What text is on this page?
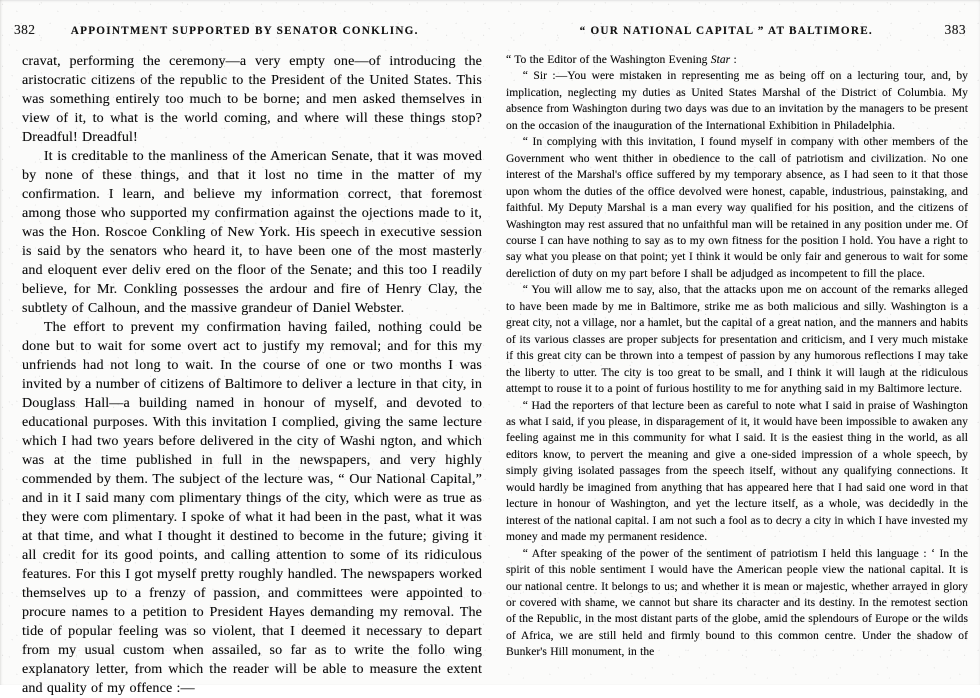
382	APPOINTMENT SUPPORTED BY SENATOR CONKLING.	“ OUR NATIONAL CAPITAL ” AT BALTIMORE.	383

cravat, performing the ceremony—a very empty one—of introducing the aristocratic citizens of the republic to the President of the United States. This was something entirely too much to be borne; and men asked themselves in view of it, to what is the world coming, and where will these things stop? Dreadful! Dreadful!

It is creditable to the manliness of the American Senate, that it was moved by none of these things, and that it lost no time in the matter of my confirmation. I learn, and believe my information correct, that foremost among those who supported my confirmation against the ojections made to it, was the Hon. Roscoe Conkling of New York. His speech in executive session is said by the senators who heard it, to have been one of the most masterly and eloquent ever deliv ered on the floor of the Senate; and this too I readily believe, for Mr. Conkling possesses the ardour and fire of Henry Clay, the subtlety of Calhoun, and the massive grandeur of Daniel Webster.

The effort to prevent my confirmation having failed, nothing could be done but to wait for some overt act to justify my removal; and for this my unfriends had not long to wait. In the course of one or two months I was invited by a number of citizens of Baltimore to deliver a lecture in that city, in Douglass Hall—a building named in honour of myself, and devoted to educational purposes. With this invitation I complied, giving the same lecture which I had two years before delivered in the city of Washi ngton, and which was at the time published in full in the newspapers, and very highly commended by them. The subject of the lecture was, “ Our National Capital,” and in it I said many com plimentary things of the city, which were as true as they were com plimentary. I spoke of what it had been in the past, what it was at that time, and what I thought it destined to become in the future; giving it all credit for its good points, and calling attention to some of its ridiculous features. For this I got myself pretty roughly handled. The newspapers worked themselves up to a frenzy of passion, and committees were appointed to procure names to a petition to President Hayes demanding my removal. The tide of popular feeling was so violent, that I deemed it necessary to depart from my usual custom when assailed, so far as to write the follo wing explanatory letter, from which the reader will be able to measure the extent and quality of my offence :—

“ To the Editor of the Washington Evening Star :

“ Sir :—You were mistaken in representing me as being off on a lecturing tour, and, by implication, neglecting my duties as United States Marshal of the District of Columbia. My absence from Washington during two days was due to an invitation by the managers to be present on the occasion of the inauguration of the International Exhibition in Philadelphia.

“ In complying with this invitation, I found myself in company with other members of the Government who went thither in obedience to the call of patriotism and civilization. No one interest of the Marshal's office suffered by my temporary absence, as I had seen to it that those upon whom the duties of the office devolved were honest, capable, industrious, painstaking, and faithful. My Deputy Marshal is a man every way qualified for his position, and the citizens of Washington may rest assured that no unfaithful man will be retained in any position under me. Of course I can have nothing to say as to my own fitness for the position I hold. You have a right to say what you please on that point; yet I think it would be only fair and generous to wait for some dereliction of duty on my part before I shall be adjudged as incompetent to fill the place.

“ You will allow me to say, also, that the attacks upon me on account of the remarks alleged to have been made by me in Baltimore, strike me as both malicious and silly. Washington is a great city, not a village, nor a hamlet, but the capital of a great nation, and the manners and habits of its various classes are proper subjects for presentation and criticism, and I very much mistake if this great city can be thrown into a tempest of passion by any humorous reflections I may take the liberty to utter. The city is too great to be small, and I think it will laugh at the ridiculous attempt to rouse it to a point of furious hostility to me for anything said in my Baltimore lecture.

“ Had the reporters of that lecture been as careful to note what I said in praise of Washington as what I said, if you please, in disparagement of it, it would have been impossible to awaken any feeling against me in this community for what I said. It is the easiest thing in the world, as all editors know, to pervert the meaning and give a one-sided impression of a whole speech, by simply giving isolated passages from the speech itself, without any qualifying connections. It would hardly be imagined from anything that has appeared here that I had said one word in that lecture in honour of Washington, and yet the lecture itself, as a whole, was decidedly in the interest of the national capital. I am not such a fool as to decry a city in which I have invested my money and made my permanent residence.

“ After speaking of the power of the sentiment of patriotism I held this language : ‘ In the spirit of this noble sentiment I would have the American people view the national capital. It is our national centre. It belongs to us; and whether it is mean or majestic, whether arrayed in glory or covered with shame, we cannot but share its character and its destiny. In the remotest section of the Republic, in the most distant parts of the globe, amid the splendours of Europe or the wilds of Africa, we are still held and firmly bound to this common centre. Under the shadow of Bunker's Hill monument, in the
